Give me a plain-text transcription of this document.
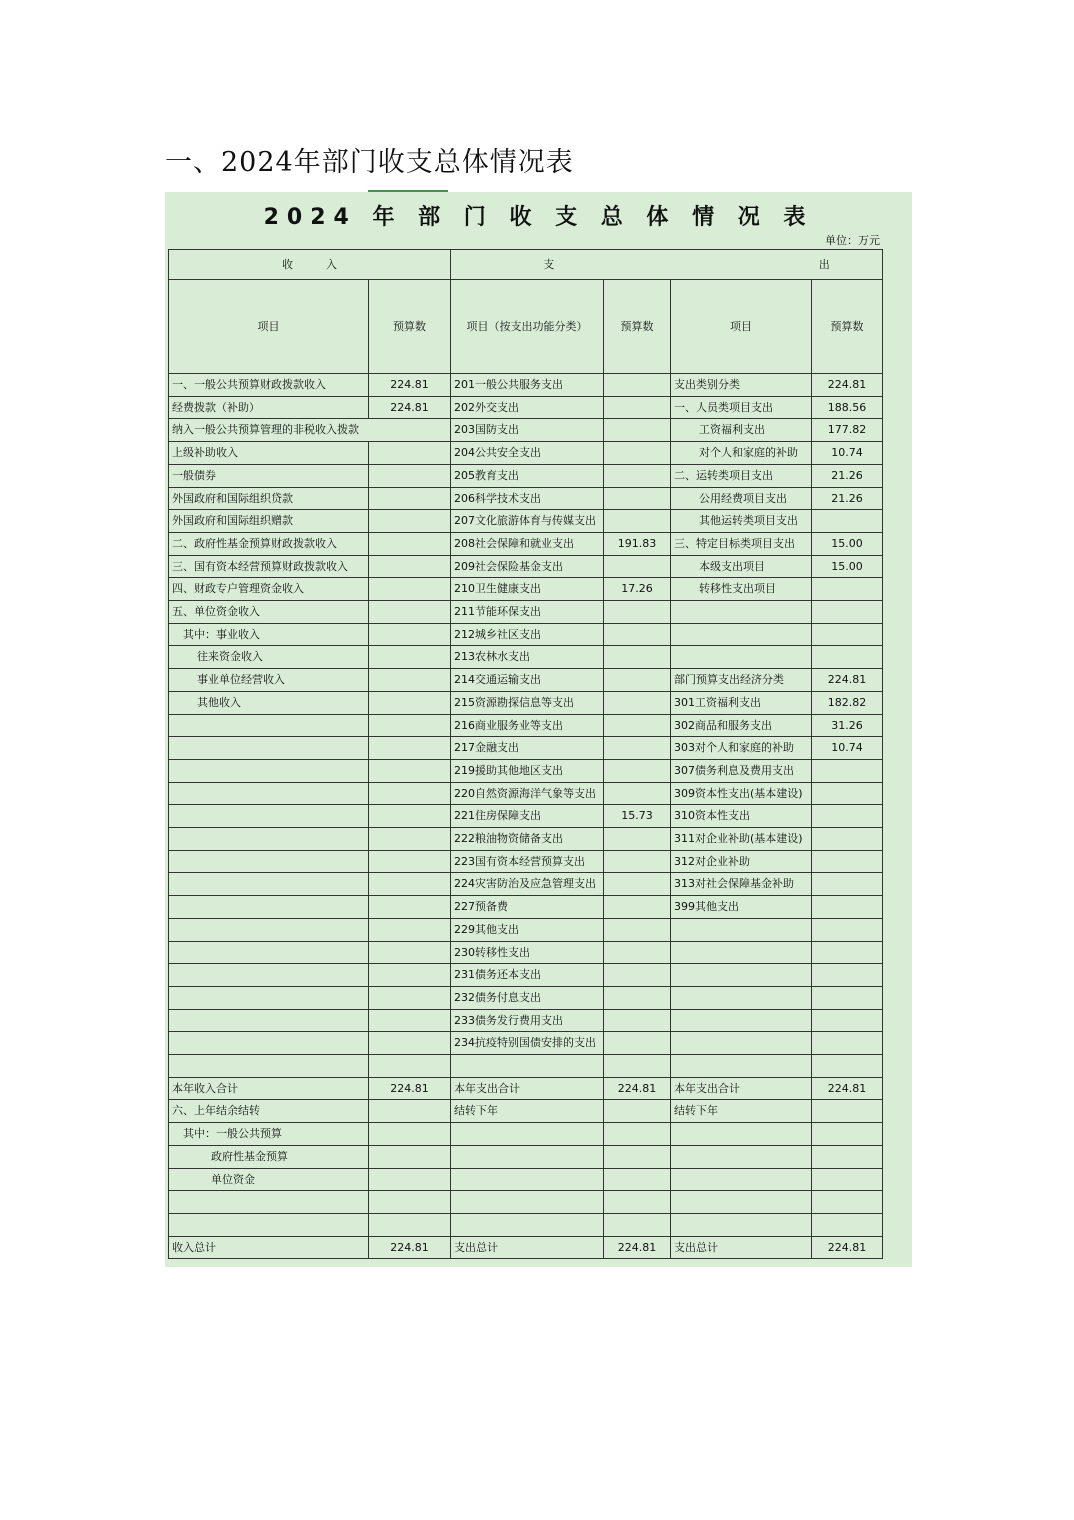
一、2024年部门收支总体情况表
2024 年 部 门 收 支 总 体 情 况 表
单位：万元
收　　　入		支 出			

项目	预算数	项目（按支出功能分类）	预算数	项目	预算数
一、一般公共预算财政拨款收入	224.81	201一般公共服务支出		支出类别分类	224.81
经费拨款（补助）	224.81	202外交支出		一、人员类项目支出	188.56
纳入一般公共预算管理的非税收入拨款		203国防支出		工资福利支出	177.82
上级补助收入		204公共安全支出		对个人和家庭的补助	10.74
一般债券		205教育支出		二、运转类项目支出	21.26
外国政府和国际组织贷款		206科学技术支出		公用经费项目支出	21.26
外国政府和国际组织赠款		207文化旅游体育与传媒支出		其他运转类项目支出	
二、政府性基金预算财政拨款收入		208社会保障和就业支出	191.83	三、特定目标类项目支出	15.00
三、国有资本经营预算财政拨款收入		209社会保险基金支出		本级支出项目	15.00
四、财政专户管理资金收入		210卫生健康支出	17.26	转移性支出项目	
五、单位资金收入		211节能环保支出			
其中：事业收入		212城乡社区支出			
往来资金收入		213农林水支出			
事业单位经营收入		214交通运输支出		部门预算支出经济分类	224.81
其他收入		215资源勘探信息等支出		301工资福利支出	182.82
		216商业服务业等支出		302商品和服务支出	31.26
		217金融支出		303对个人和家庭的补助	10.74
		219援助其他地区支出		307债务利息及费用支出	
		220自然资源海洋气象等支出		309资本性支出(基本建设)	
		221住房保障支出	15.73	310资本性支出	
		222粮油物资储备支出		311对企业补助(基本建设)	
		223国有资本经营预算支出		312对企业补助	
		224灾害防治及应急管理支出		313对社会保障基金补助	
		227预备费		399其他支出	
		229其他支出			
		230转移性支出			
		231债务还本支出			
		232债务付息支出			
		233债务发行费用支出			
		234抗疫特别国债安排的支出			

本年收入合计	224.81	本年支出合计	224.81	本年支出合计	224.81
六、上年结余结转		结转下年		结转下年	
其中：一般公共预算					
政府性基金预算					
单位资金					

收入总计	224.81	支出总计	224.81	支出总计	224.81
